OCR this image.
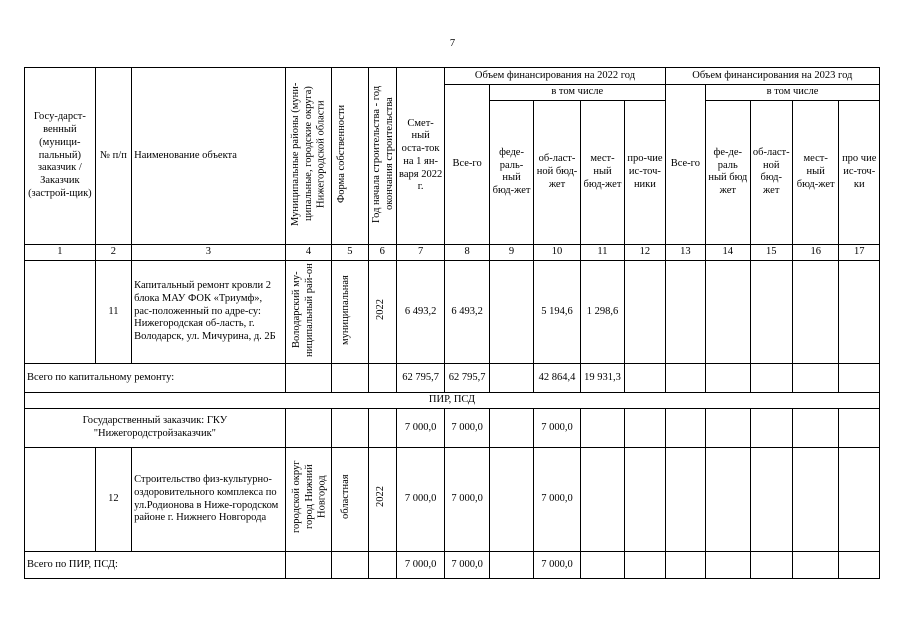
7
Госу-дарст-венный (муници-пальный) заказчик / Заказчик (застрой-щик)	№ п/п	Наименование объекта	Муниципальные районы (муни-ципальные, городские округа) Нижегородской области	Форма собственности	Год начала строительства - год окончания строительства	Смет-ный оста-ток на 1 ян-варя 2022 г.	Объем финансирования на 2022 год					Объем финансирования на 2023 год				
							Все-го	в том числе				Все-го	в том числе			
								феде-раль-ный бюд-жет	об-ласт-ной бюд-жет	мест-ный бюд-жет	про-чие ис-точ-ники		фе-де-раль ный бюд жет	об-ласт-ной бюд-жет	мест-ный бюд-жет	про чие ис-точ-ки
1	2	3	4	5	6	7	8	9	10	11	12	13	14	15	16	17
	11	Капитальный ремонт кровли 2 блока МАУ ФОК «Триумф», рас-положенный по адре-су: Нижегородская об-ласть, г. Володарск, ул. Мичурина, д. 2Б	Володарский му-ниципальный рай-он	муниципальная	2022	6 493,2	6 493,2		5 194,6	1 298,6						
Всего по капитальному ремонту:						62 795,7	62 795,7		42 864,4	19 931,3						
ПИР, ПСД																
Государственный заказчик: ГКУ "Нижегородстройзаказчик"						7 000,0	7 000,0		7 000,0							
	12	Строительство физ-культурно-оздоровительного комплекса по ул.Родионова в Ниже-городском районе г. Нижнего Новгорода	городской округ город Нижний Новгород	областная	2022	7 000,0	7 000,0		7 000,0							
Всего по ПИР, ПСД:						7 000,0	7 000,0		7 000,0							
